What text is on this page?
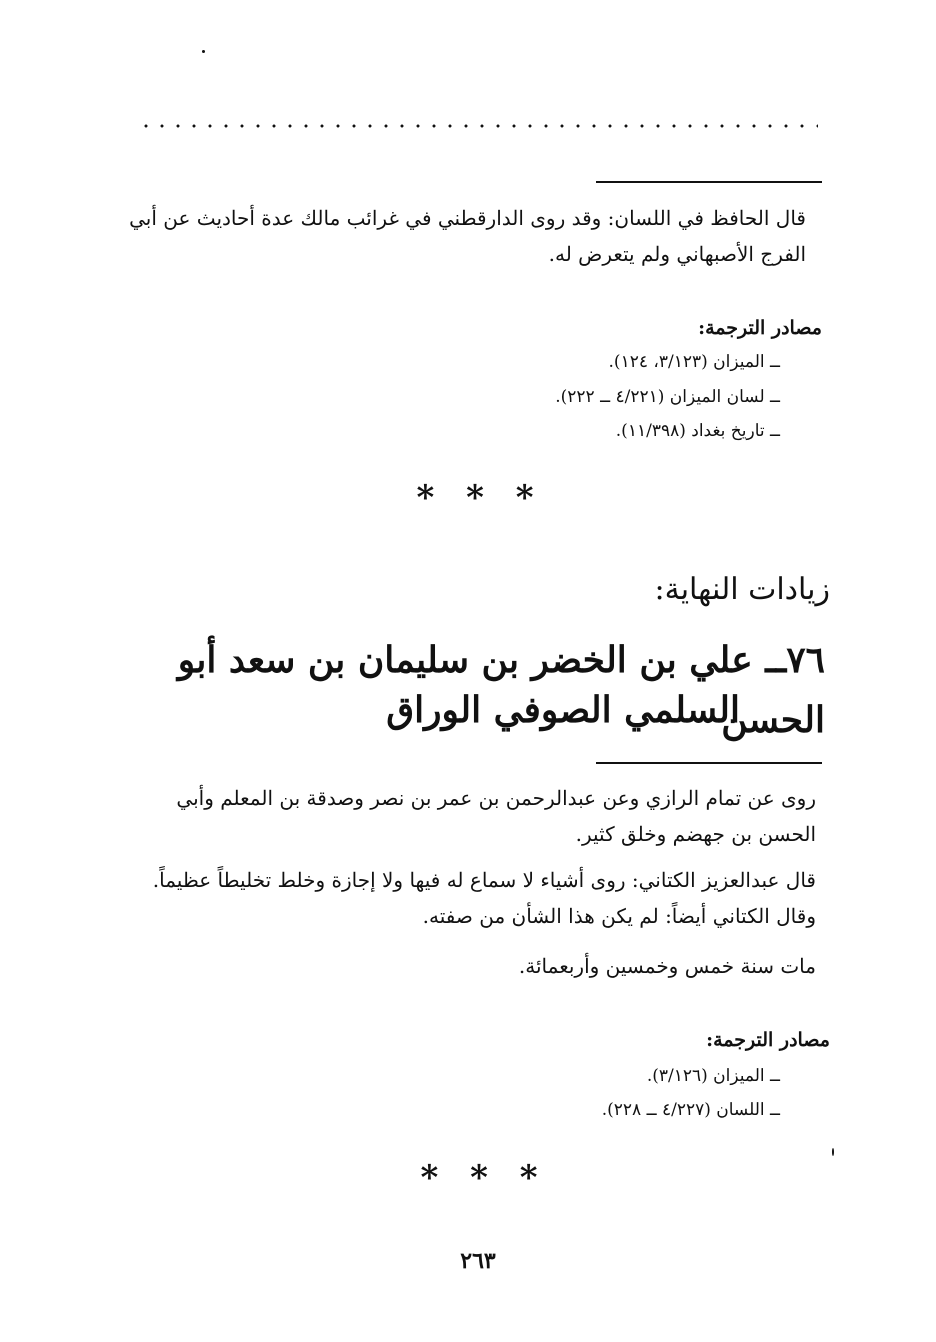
قال الحافظ في اللسان: وقد روى الدارقطني في غرائب مالك عدة أحاديث عن أبي الفرج الأصبهاني ولم يتعرض له.
مصادر الترجمة:
ــ الميزان (٣/١٢٣، ١٢٤).
ــ لسان الميزان (٤/٢٢١ ــ ٢٢٢).
ــ تاريخ بغداد (١١/٣٩٨).
* * *
زيادات النهاية:
٧٦ــ علي بن الخضر بن سليمان بن سعد أبو الحسن
السلمي الصوفي الوراق
روى عن تمام الرازي وعن عبدالرحمن بن عمر بن نصر وصدقة بن المعلم وأبي الحسن بن جهضم وخلق كثير.
قال عبدالعزيز الكتاني: روى أشياء لا سماع له فيها ولا إجازة وخلط تخليطاً عظيماً. وقال الكتاني أيضاً: لم يكن هذا الشأن من صفته.
مات سنة خمس وخمسين وأربعمائة.
مصادر الترجمة:
ــ الميزان (٣/١٢٦).
ــ اللسان (٤/٢٢٧ ــ ٢٢٨).
* * *
٢٦٣
